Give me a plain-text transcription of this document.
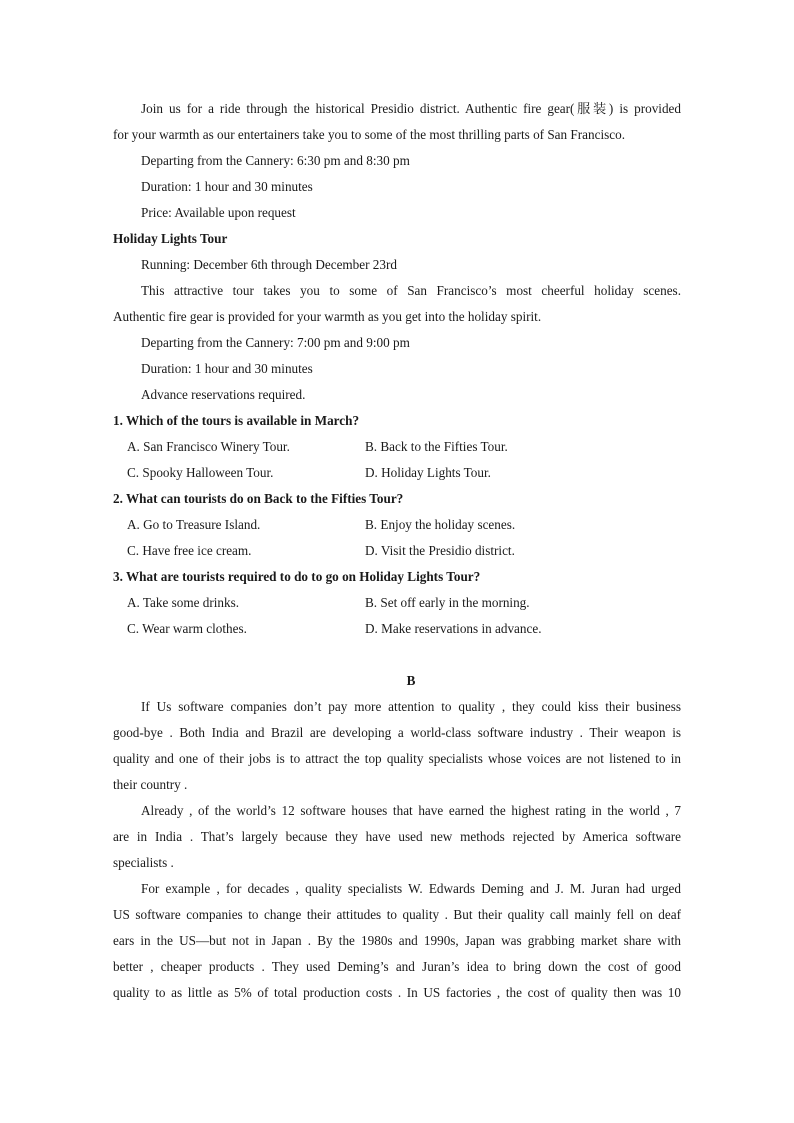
Join us for a ride through the historical Presidio district. Authentic fire gear(服装) is provided
for your warmth as our entertainers take you to some of the most thrilling parts of San Francisco.
Departing from the Cannery: 6:30 pm and 8:30 pm
Duration: 1 hour and 30 minutes
Price: Available upon request
Holiday Lights Tour
Running: December 6th through December 23rd
This attractive tour takes you to some of San Francisco’s most cheerful holiday scenes.
Authentic fire gear is provided for your warmth as you get into the holiday spirit.
Departing from the Cannery: 7:00 pm and 9:00 pm
Duration: 1 hour and 30 minutes
Advance reservations required.
1. Which of the tours is available in March?
A. San Francisco Winery Tour.	B. Back to the Fifties Tour.
C. Spooky Halloween Tour.	D. Holiday Lights Tour.
2. What can tourists do on Back to the Fifties Tour?
A. Go to Treasure Island.	B. Enjoy the holiday scenes.
C. Have free ice cream.	D. Visit the Presidio district.
3. What are tourists required to do to go on Holiday Lights Tour?
A. Take some drinks.	B. Set off early in the morning.
C. Wear warm clothes.	D. Make reservations in advance.
B
If Us software companies don’t pay more attention to quality , they could kiss their business
good-bye . Both India and Brazil are developing a world-class software industry . Their weapon is
quality and one of their jobs is to attract the top quality specialists whose voices are not listened to in
their country .
Already , of the world’s 12 software houses that have earned the highest rating in the world , 7
are in India . That’s largely because they have used new methods rejected by America software
specialists .
For example , for decades , quality specialists W. Edwards Deming and J. M. Juran had urged
US software companies to change their attitudes to quality . But their quality call mainly fell on deaf
ears in the US—but not in Japan . By the 1980s and 1990s, Japan was grabbing market share with
better , cheaper products . They used Deming’s and Juran’s idea to bring down the cost of good
quality to as little as 5% of total production costs . In US factories , the cost of quality then was 10
